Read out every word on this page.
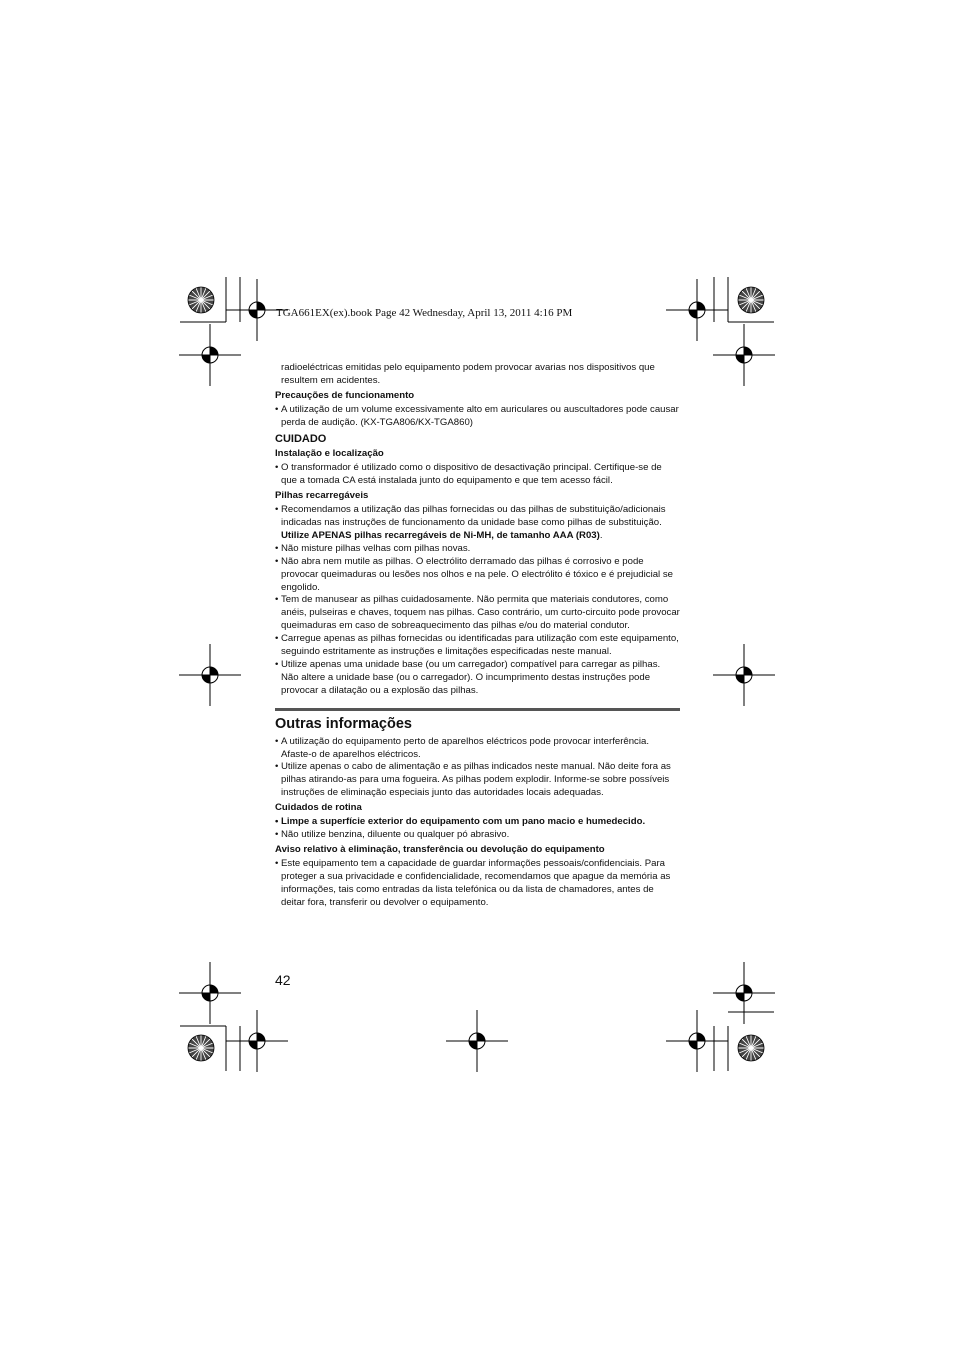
TGA661EX(ex).book Page 42 Wednesday, April 13, 2011 4:16 PM

radioeléctricas emitidas pelo equipamento podem provocar avarias nos dispositivos que resultem em acidentes.

Precauções de funcionamento

• A utilização de um volume excessivamente alto em auriculares ou auscultadores pode causar perda de audição. (KX-TGA806/KX-TGA860)

CUIDADO

Instalação e localização

• O transformador é utilizado como o dispositivo de desactivação principal. Certifique-se de que a tomada CA está instalada junto do equipamento e que tem acesso fácil.

Pilhas recarregáveis

• Recomendamos a utilização das pilhas fornecidas ou das pilhas de substituição/adicionais indicadas nas instruções de funcionamento da unidade base como pilhas de substituição. Utilize APENAS pilhas recarregáveis de Ni-MH, de tamanho AAA (R03).

• Não misture pilhas velhas com pilhas novas.

• Não abra nem mutile as pilhas. O electrólito derramado das pilhas é corrosivo e pode provocar queimaduras ou lesões nos olhos e na pele. O electrólito é tóxico e é prejudicial se engolido.

• Tem de manusear as pilhas cuidadosamente. Não permita que materiais condutores, como anéis, pulseiras e chaves, toquem nas pilhas. Caso contrário, um curto-circuito pode provocar queimaduras em caso de sobreaquecimento das pilhas e/ou do material condutor.

• Carregue apenas as pilhas fornecidas ou identificadas para utilização com este equipamento, seguindo estritamente as instruções e limitações especificadas neste manual.

• Utilize apenas uma unidade base (ou um carregador) compatível para carregar as pilhas. Não altere a unidade base (ou o carregador). O incumprimento destas instruções pode provocar a dilatação ou a explosão das pilhas.

Outras informações

• A utilização do equipamento perto de aparelhos eléctricos pode provocar interferência. Afaste-o de aparelhos eléctricos.

• Utilize apenas o cabo de alimentação e as pilhas indicados neste manual. Não deite fora as pilhas atirando-as para uma fogueira. As pilhas podem explodir. Informe-se sobre possíveis instruções de eliminação especiais junto das autoridades locais adequadas.

Cuidados de rotina

• Limpe a superfície exterior do equipamento com um pano macio e humedecido.

• Não utilize benzina, diluente ou qualquer pó abrasivo.

Aviso relativo à eliminação, transferência ou devolução do equipamento

• Este equipamento tem a capacidade de guardar informações pessoais/confidenciais. Para proteger a sua privacidade e confidencialidade, recomendamos que apague da memória as informações, tais como entradas da lista telefónica ou da lista de chamadores, antes de deitar fora, transferir ou devolver o equipamento.

42
